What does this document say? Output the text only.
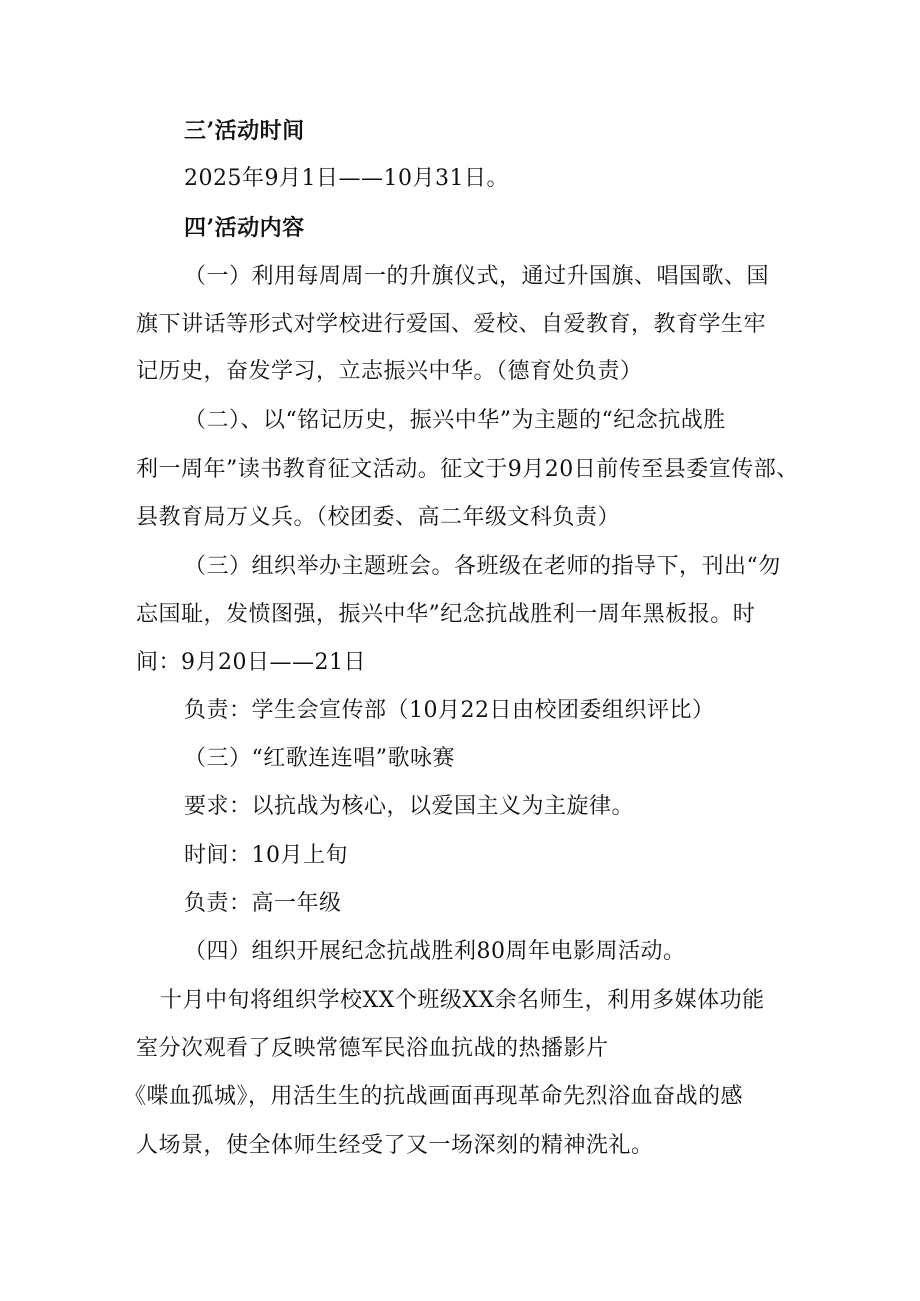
三’活动时间
2025年9月1日——10月31日。
四’活动内容
（一）利用每周周一的升旗仪式，通过升国旗、唱国歌、国
旗下讲话等形式对学校进行爱国、爱校、自爱教育，教育学生牢
记历史，奋发学习，立志振兴中华。（德育处负责）
（二）、以“铭记历史，振兴中华”为主题的“纪念抗战胜
利一周年”读书教育征文活动。征文于9月20日前传至县委宣传部、
县教育局万义兵。（校团委、高二年级文科负责）
（三）组织举办主题班会。各班级在老师的指导下，刊出“勿
忘国耻，发愤图强，振兴中华”纪念抗战胜利一周年黑板报。时
间：9月20日——21日
负责：学生会宣传部（10月22日由校团委组织评比）
（三）“红歌连连唱”歌咏赛
要求：以抗战为核心，以爱国主义为主旋律。
时间：10月上旬
负责：高一年级
（四）组织开展纪念抗战胜利80周年电影周活动。
十月中旬将组织学校XX个班级XX余名师生，利用多媒体功能
室分次观看了反映常德军民浴血抗战的热播影片
《喋血孤城》，用活生生的抗战画面再现革命先烈浴血奋战的感
人场景，使全体师生经受了又一场深刻的精神洗礼。
